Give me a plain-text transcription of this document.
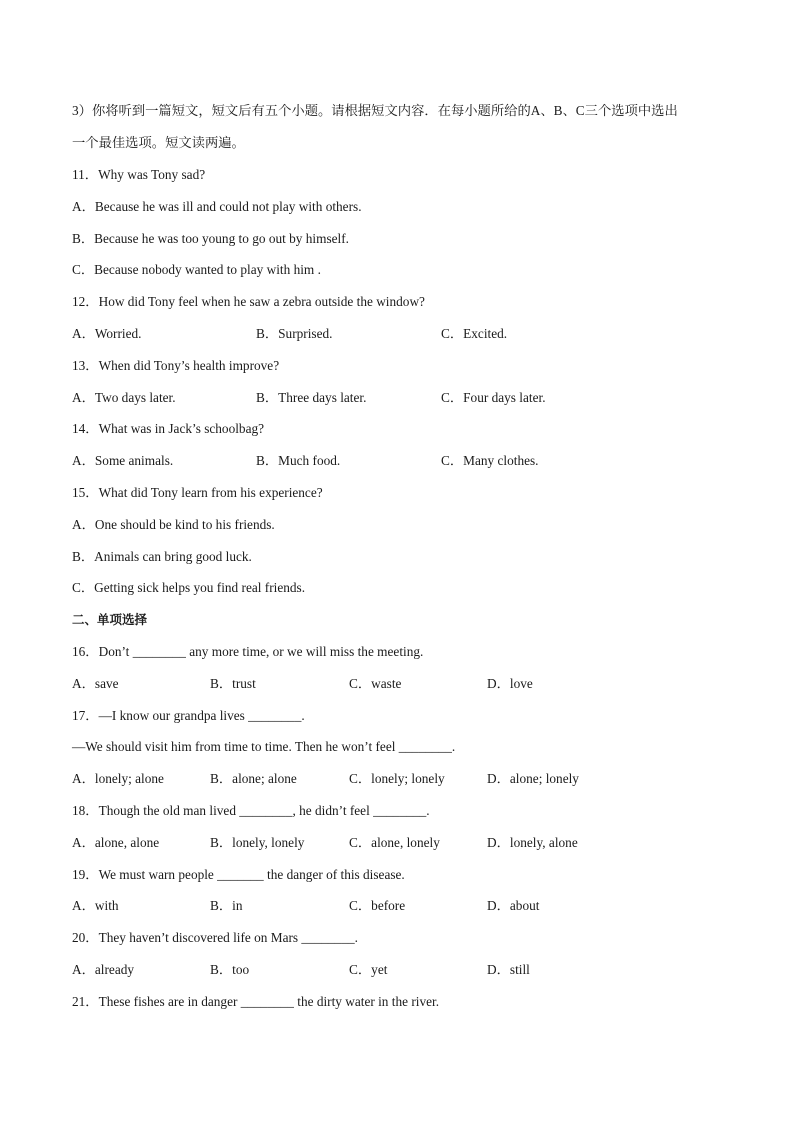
3）你将听到一篇短文，短文后有五个小题。请根据短文内容．在每小题所给的A、B、C三个选项中选出
一个最佳选项。短文读两遍。
11．Why was Tony sad?
A．Because he was ill and could not play with others.
B．Because he was too young to go out by himself.
C．Because nobody wanted to play with him .
12．How did Tony feel when he saw a zebra outside the window?
A．Worried.	B．Surprised.	C．Excited.
13．When did Tony’s health improve?
A．Two days later.	B．Three days later.	C．Four days later.
14．What was in Jack’s schoolbag?
A．Some animals.	B．Much food.	C．Many clothes.
15．What did Tony learn from his experience?
A．One should be kind to his friends.
B．Animals can bring good luck.
C．Getting sick helps you find real friends.
二、单项选择
16．Don’t ________ any more time, or we will miss the meeting.
A．save	B．trust	C．waste	D．love
17．—I know our grandpa lives ________.
—We should visit him from time to time. Then he won’t feel ________.
A．lonely; alone	B．alone; alone	C．lonely; lonely	D．alone; lonely
18．Though the old man lived ________, he didn’t feel ________.
A．alone, alone	B．lonely, lonely	C．alone, lonely	D．lonely, alone
19．We must warn people _______ the danger of this disease.
A．with	B．in	C．before	D．about
20．They haven’t discovered life on Mars ________.
A．already	B．too	C．yet	D．still
21．These fishes are in danger ________ the dirty water in the river.
